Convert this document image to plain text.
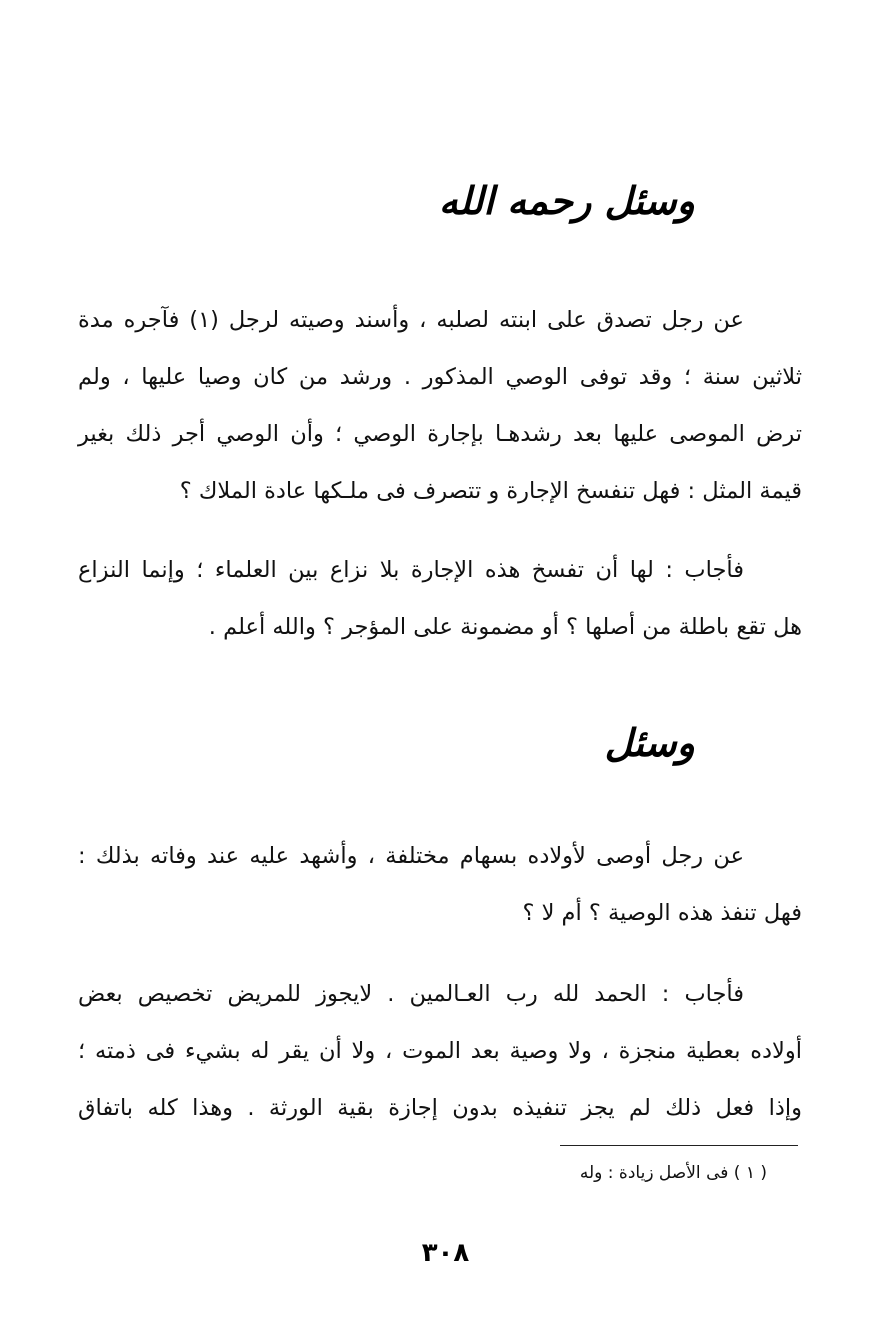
وسئل رحمه الله
عن رجل تصدق على ابنته لصلبه ، وأسند وصيته لرجل (١) فآجره مدة
ثلاثين سنة ؛ وقد توفى الوصي المذكور . ورشد من كان وصيا عليها ، ولم
ترض الموصى عليها بعد رشدهـا بإجارة الوصي ؛ وأن الوصي أجر ذلك بغير
قيمة المثل : فهل تنفسخ الإجارة و تتصرف فى ملـكها عادة الملاك ؟
فأجاب : لها أن تفسخ هذه الإجارة بلا نزاع بين العلماء ؛ وإنما النزاع
هل تقع باطلة من أصلها ؟ أو مضمونة على المؤجر ؟ والله أعلم .
وسئل
عن رجل أوصى لأولاده بسهام مختلفة ، وأشهد عليه عند وفاته بذلك :
فهل تنفذ هذه الوصية ؟ أم لا ؟
فأجاب : الحمد لله رب العـالمين . لايجوز للمريض تخصيص بعض
أولاده بعطية منجزة ، ولا وصية بعد الموت ، ولا أن يقر له بشيء فى ذمته ؛
وإذا فعل ذلك لم يجز تنفيذه بدون إجازة بقية الورثة . وهذا كله باتفاق
( ١ ) فى الأصل زيادة : وله
٣٠٨
